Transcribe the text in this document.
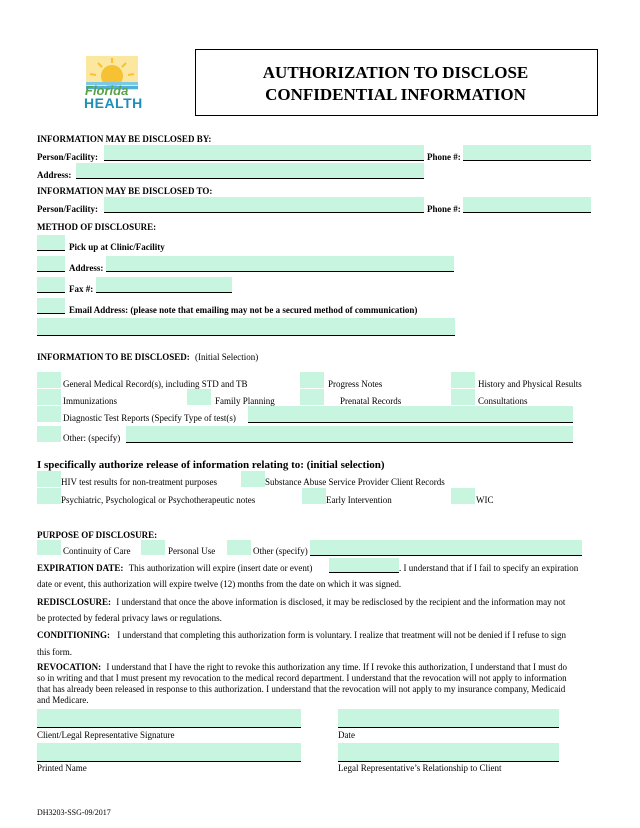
Florida
HEALTH
AUTHORIZATION TO DISCLOSE
CONFIDENTIAL INFORMATION
INFORMATION MAY BE DISCLOSED BY:
Person/Facility:	Phone #:
Address:
INFORMATION MAY BE DISCLOSED TO:
Person/Facility:	Phone #:
METHOD OF DISCLOSURE:
Pick up at Clinic/Facility
Address:
Fax #:
Email Address: (please note that emailing may not be a secured method of communication)
INFORMATION TO BE DISCLOSED: (Initial Selection)
General Medical Record(s), including STD and TB	Progress Notes	History and Physical Results
Immunizations	Family Planning	Prenatal Records	Consultations
Diagnostic Test Reports (Specify Type of test(s)
Other: (specify)
I specifically authorize release of information relating to: (initial selection)
HIV test results for non-treatment purposes	Substance Abuse Service Provider Client Records
Psychiatric, Psychological or Psychotherapeutic notes	Early Intervention	WIC
PURPOSE OF DISCLOSURE:
Continuity of Care	Personal Use	Other (specify)
EXPIRATION DATE: This authorization will expire (insert date or event)	. I understand that if I fail to specify an expiration
date or event, this authorization will expire twelve (12) months from the date on which it was signed.
REDISCLOSURE: I understand that once the above information is disclosed, it may be redisclosed by the recipient and the information may not
be protected by federal privacy laws or regulations.
CONDITIONING: I understand that completing this authorization form is voluntary. I realize that treatment will not be denied if I refuse to sign
this form.
REVOCATION: I understand that I have the right to revoke this authorization any time. If I revoke this authorization, I understand that I must do
so in writing and that I must present my revocation to the medical record department. I understand that the revocation will not apply to information
that has already been released in response to this authorization. I understand that the revocation will not apply to my insurance company, Medicaid
and Medicare.
Client/Legal Representative Signature	Date
Printed Name	Legal Representative’s Relationship to Client
DH3203-SSG-09/2017
